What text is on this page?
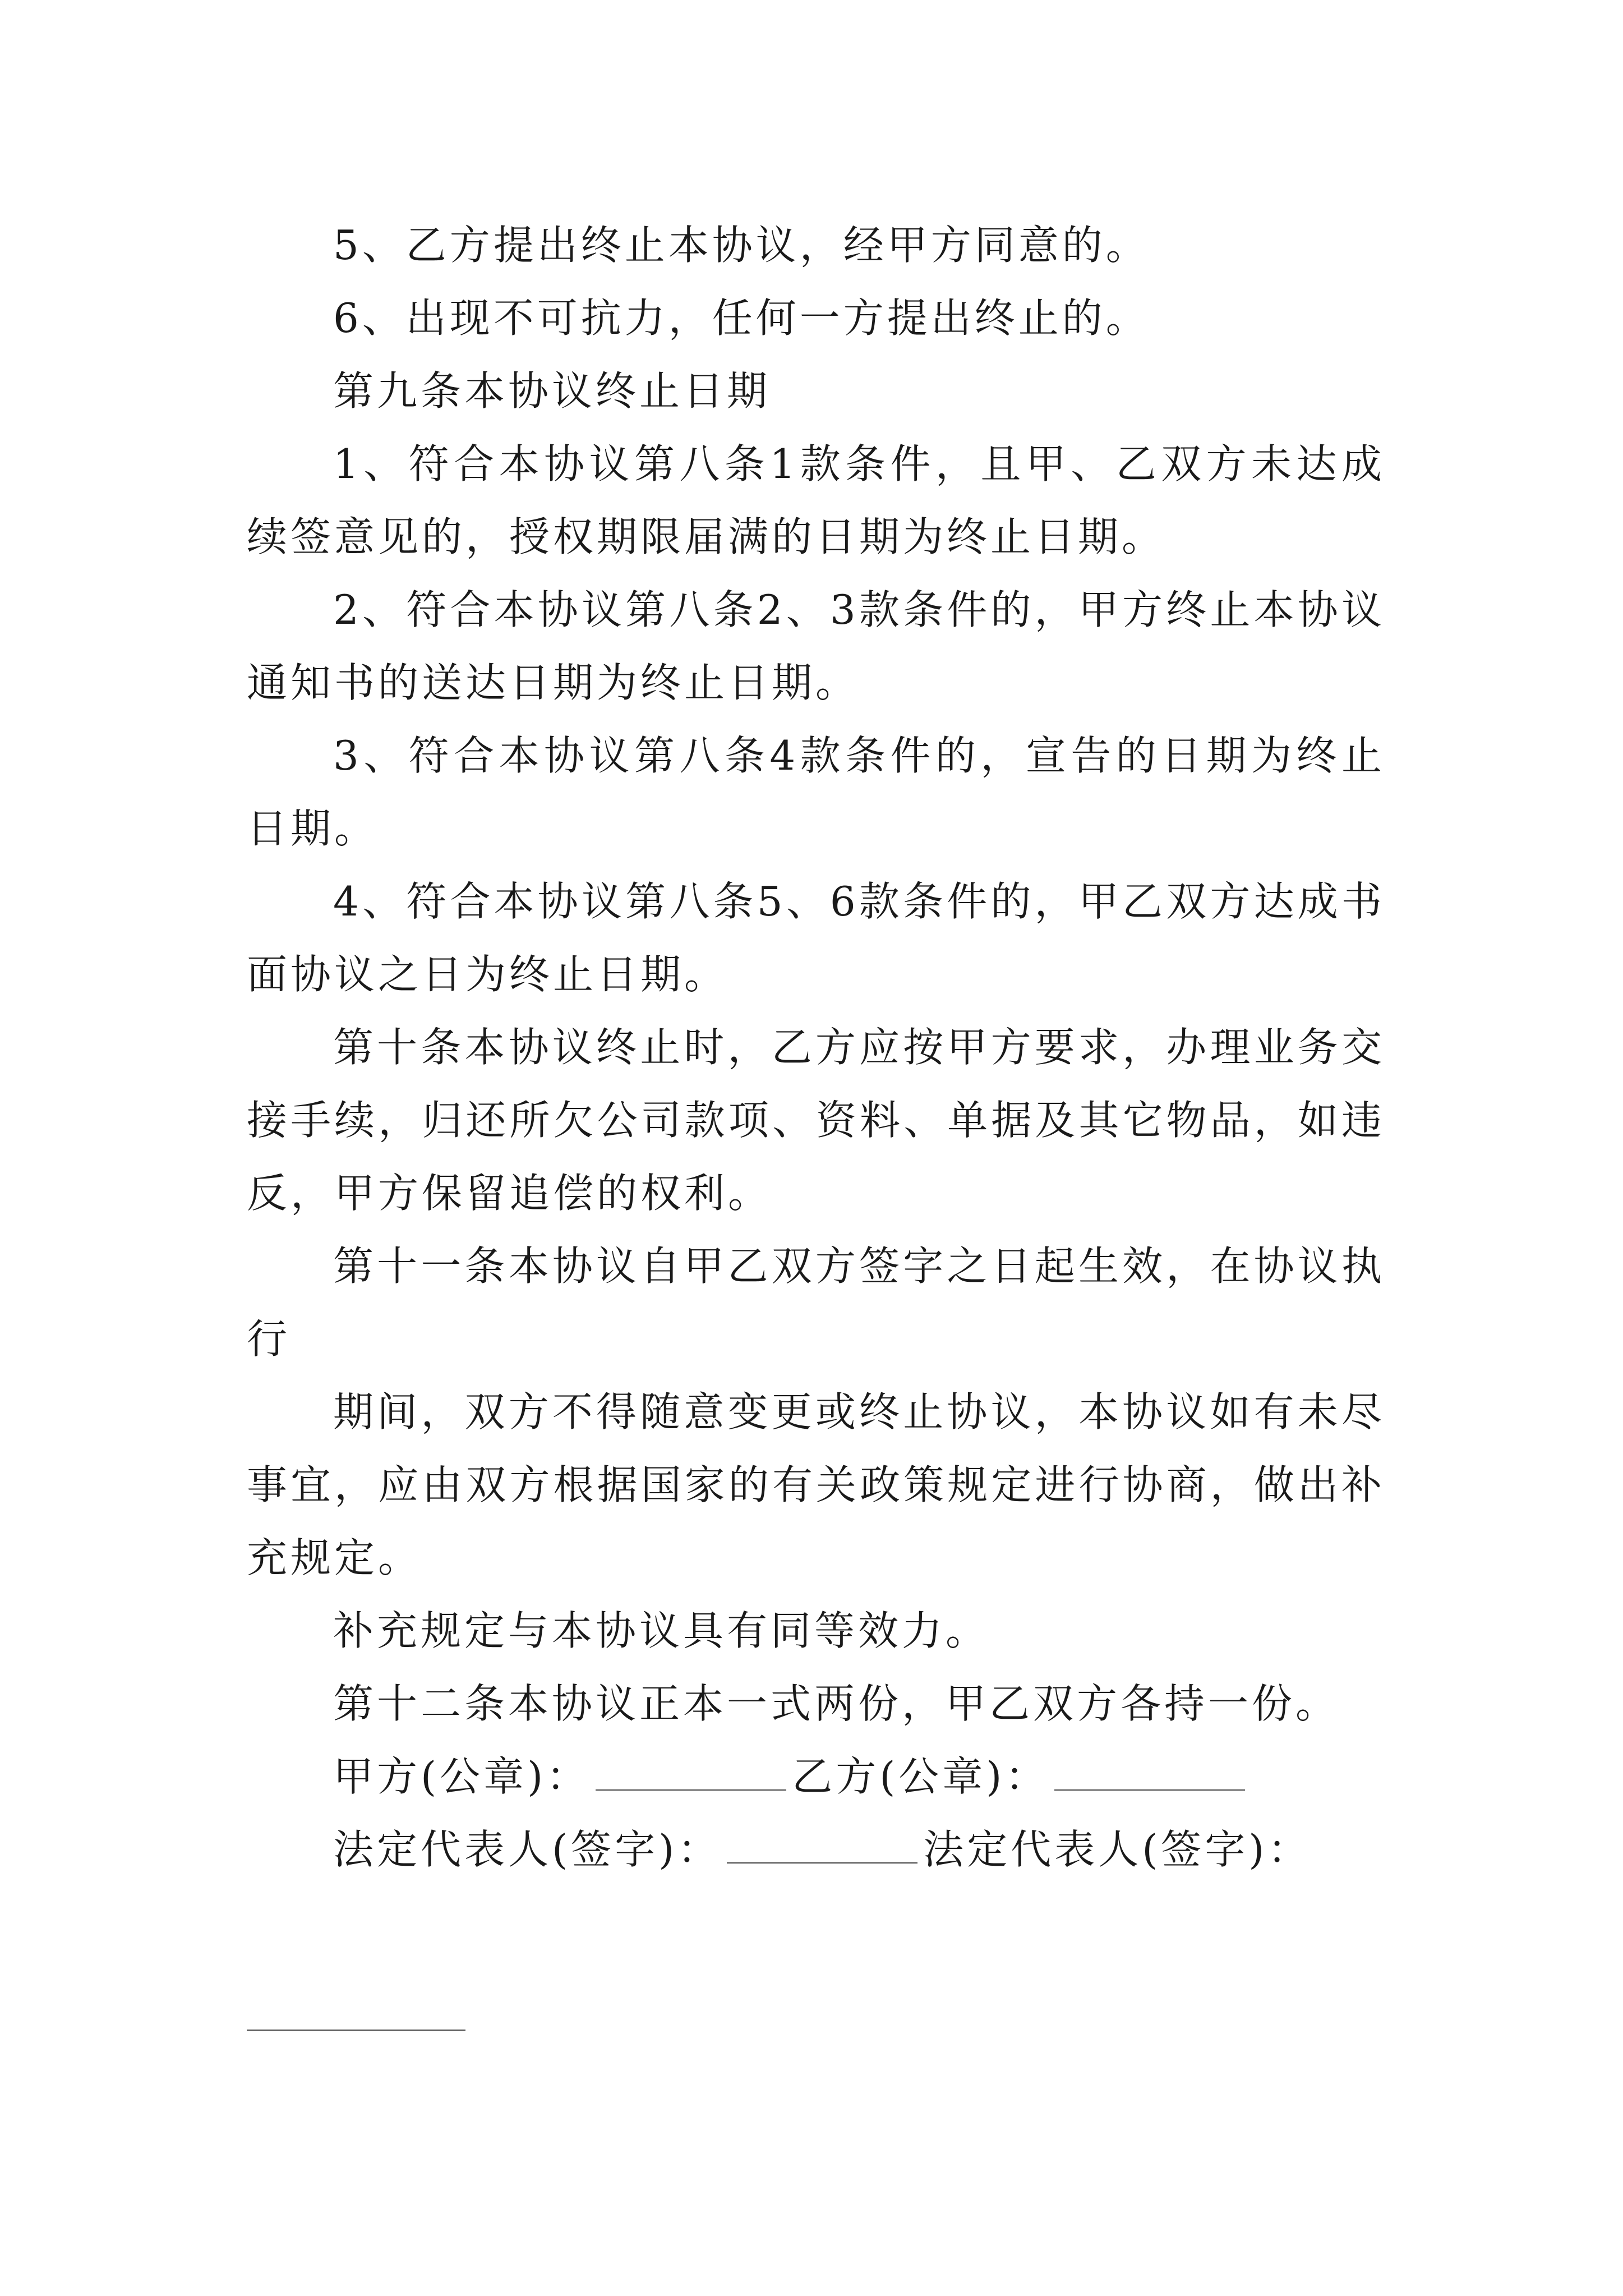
5、乙方提出终止本协议，经甲方同意的。

6、出现不可抗力，任何一方提出终止的。

第九条本协议终止日期

1、符合本协议第八条1款条件，且甲、乙双方未达成续签意见的，授权期限届满的日期为终止日期。

2、符合本协议第八条2、3款条件的，甲方终止本协议通知书的送达日期为终止日期。

3、符合本协议第八条4款条件的，宣告的日期为终止日期。

4、符合本协议第八条5、6款条件的，甲乙双方达成书面协议之日为终止日期。

第十条本协议终止时，乙方应按甲方要求，办理业务交接手续，归还所欠公司款项、资料、单据及其它物品，如违反，甲方保留追偿的权利。

第十一条本协议自甲乙双方签字之日起生效，在协议执行

期间，双方不得随意变更或终止协议，本协议如有未尽事宜，应由双方根据国家的有关政策规定进行协商，做出补充规定。

补充规定与本协议具有同等效力。

第十二条本协议正本一式两份，甲乙双方各持一份。

甲方(公章)：	乙方(公章)：

法定代表人(签字)：	法定代表人(签字)：
